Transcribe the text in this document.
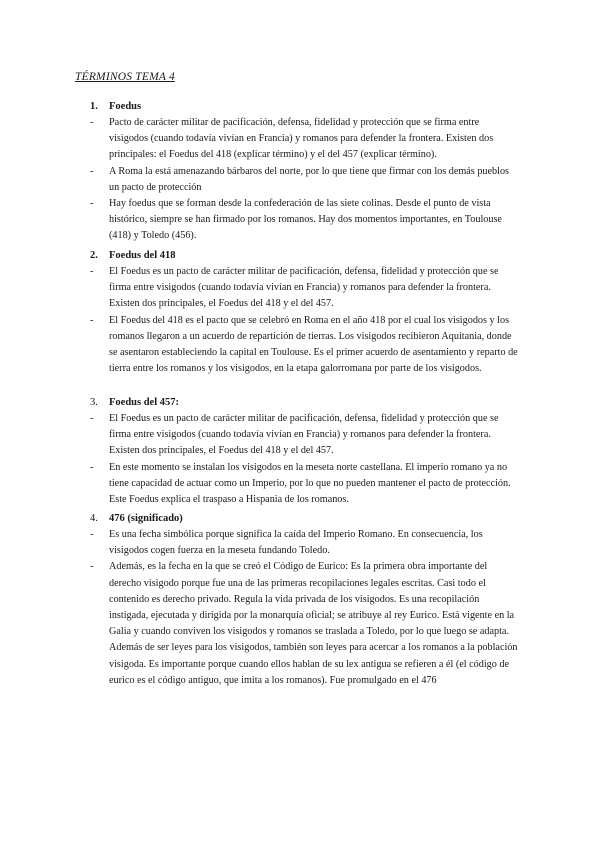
TÉRMINOS TEMA 4
1. Foedus
- Pacto de carácter militar de pacificación, defensa, fidelidad y protección que se firma entre visigodos (cuando todavía vivían en Francia) y romanos para defender la frontera. Existen dos principales: el Foedus del 418 (explicar término) y el del 457 (explicar término).
- A Roma la está amenazando bárbaros del norte, por lo que tiene que firmar con los demás pueblos un pacto de protección
- Hay foedus que se forman desde la confederación de las siete colinas. Desde el punto de vista histórico, siempre se han firmado por los romanos. Hay dos momentos importantes, en Toulouse (418) y Toledo (456).
2. Foedus del 418
- El Foedus es un pacto de carácter militar de pacificación, defensa, fidelidad y protección que se firma entre visigodos (cuando todavía vivían en Francia) y romanos para defender la frontera. Existen dos principales, el Foedus del 418 y el del 457.
- El Foedus del 418 es el pacto que se celebró en Roma en el año 418 por el cual los visigodos y los romanos llegaron a un acuerdo de repartición de tierras. Los visigodos recibieron Aquitania, donde se asentaron estableciendo la capital en Toulouse. Es el primer acuerdo de asentamiento y reparto de tierra entre los romanos y los visigodos, en la etapa galorromana por parte de los visigodos.
3. Foedus del 457:
- El Foedus es un pacto de carácter militar de pacificación, defensa, fidelidad y protección que se firma entre visigodos (cuando todavía vivían en Francia) y romanos para defender la frontera. Existen dos principales, el Foedus del 418 y el del 457.
- En este momento se instalan los visigodos en la meseta norte castellana. El imperio romano ya no tiene capacidad de actuar como un Imperio, por lo que no pueden mantener el pacto de protección. Este Foedus explica el traspaso a Hispania de los romanos.
4. 476 (significado)
- Es una fecha simbólica porque significa la caída del Imperio Romano. En consecuencia, los visigodos cogen fuerza en la meseta fundando Toledo.
- Además, es la fecha en la que se creó el Código de Eurico: Es la primera obra importante del derecho visigodo porque fue una de las primeras recopilaciones legales escritas. Casi todo el contenido es derecho privado. Regula la vida privada de los visigodos. Es una recopilación instigada, ejecutada y dirigida por la monarquía oficial; se atribuye al rey Eurico. Está vigente en la Galia y cuando conviven los visigodos y romanos se traslada a Toledo, por lo que luego se adapta. Además de ser leyes para los visigodos, también son leyes para acercar a los romanos a la población visigoda. Es importante porque cuando ellos hablan de su lex antigua se refieren a él (el código de eurico es el código antiguo, que imita a los romanos). Fue promulgado en el 476
